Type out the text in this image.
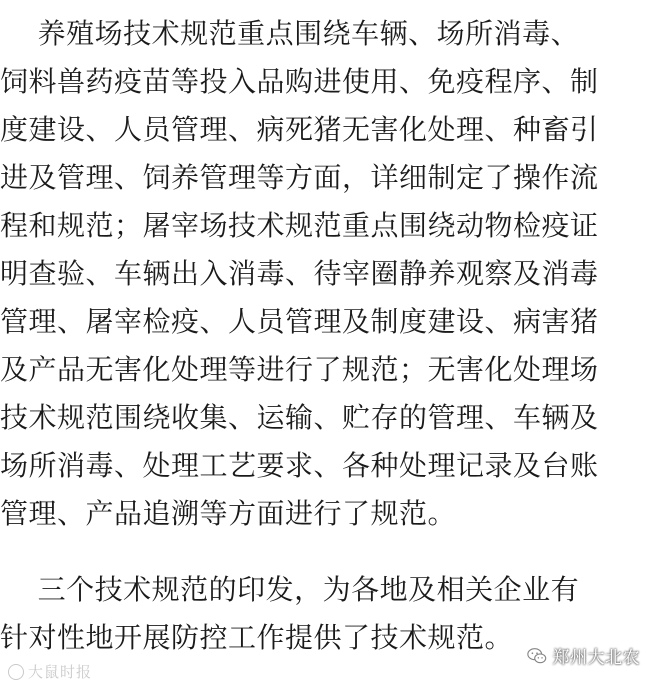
养殖场技术规范重点围绕车辆、场所消毒、
饲料兽药疫苗等投入品购进使用、免疫程序、制
度建设、人员管理、病死猪无害化处理、种畜引
进及管理、饲养管理等方面，详细制定了操作流
程和规范；屠宰场技术规范重点围绕动物检疫证
明查验、车辆出入消毒、待宰圈静养观察及消毒
管理、屠宰检疫、人员管理及制度建设、病害猪
及产品无害化处理等进行了规范；无害化处理场
技术规范围绕收集、运输、贮存的管理、车辆及
场所消毒、处理工艺要求、各种处理记录及台账
管理、产品追溯等方面进行了规范。
三个技术规范的印发，为各地及相关企业有
针对性地开展防控工作提供了技术规范。
大鼠时报
郑州大北农
